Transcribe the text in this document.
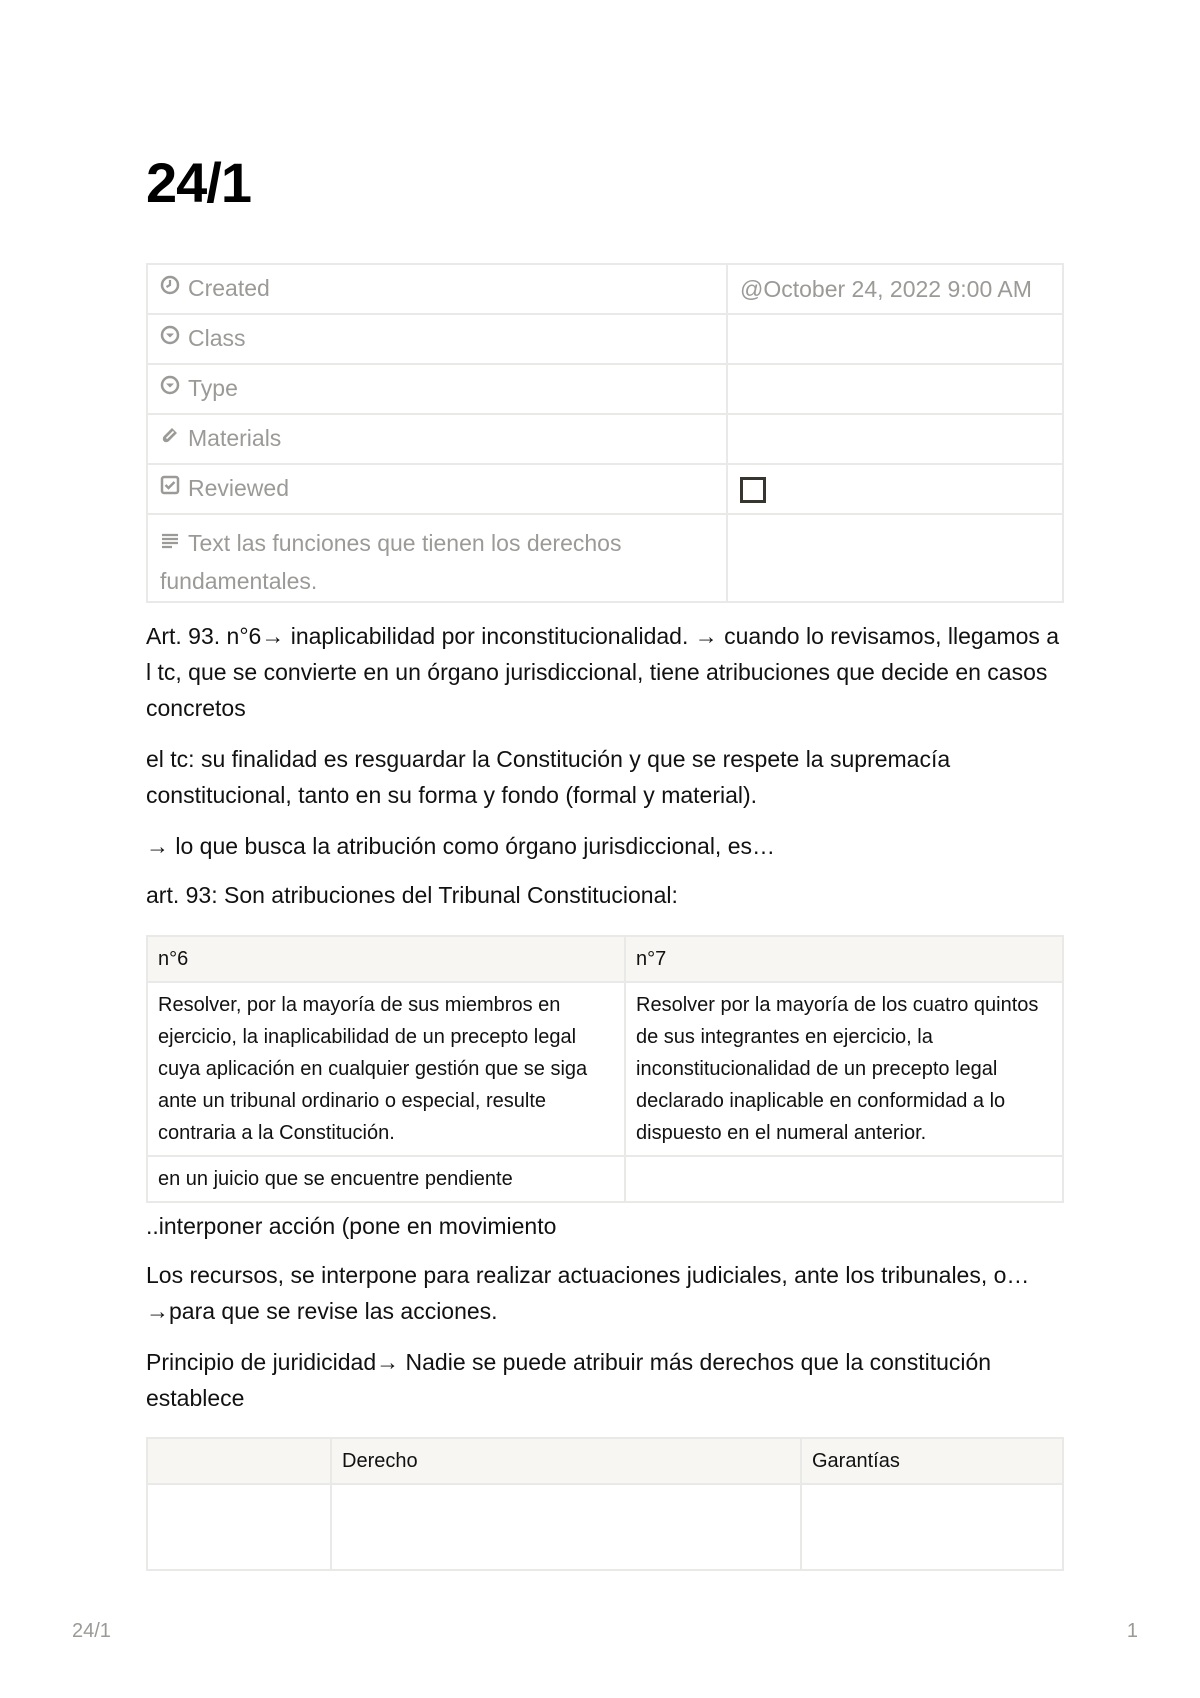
24/1
Created	@October 24, 2022 9:00 AM
Class	
Type	
Materials	
Reviewed	
Text las funciones que tienen los derechos fundamentales.	

Art. 93. n°6→ inaplicabilidad por inconstitucionalidad. → cuando lo revisamos, llegamos a l tc, que se convierte en un órgano jurisdiccional, tiene atribuciones que decide en casos concretos

el tc: su finalidad es resguardar la Constitución y que se respete la supremacía constitucional, tanto en su forma y fondo (formal y material).

→ lo que busca la atribución como órgano jurisdiccional, es…

art. 93: Son atribuciones del Tribunal Constitucional:

n°6	n°7
Resolver, por la mayoría de sus miembros en ejercicio, la inaplicabilidad de un precepto legal cuya aplicación en cualquier gestión que se siga ante un tribunal ordinario o especial, resulte contraria a la Constitución.	Resolver por la mayoría de los cuatro quintos de sus integrantes en ejercicio, la inconstitucionalidad de un precepto legal declarado inaplicable en conformidad a lo dispuesto en el numeral anterior.
en un juicio que se encuentre pendiente	

..interponer acción (pone en movimiento

Los recursos, se interpone para realizar actuaciones judiciales, ante los tribunales, o…→para que se revise las acciones.

Principio de juridicidad→ Nadie se puede atribuir más derechos que la constitución establece

	Derecho	Garantías

24/1	1
